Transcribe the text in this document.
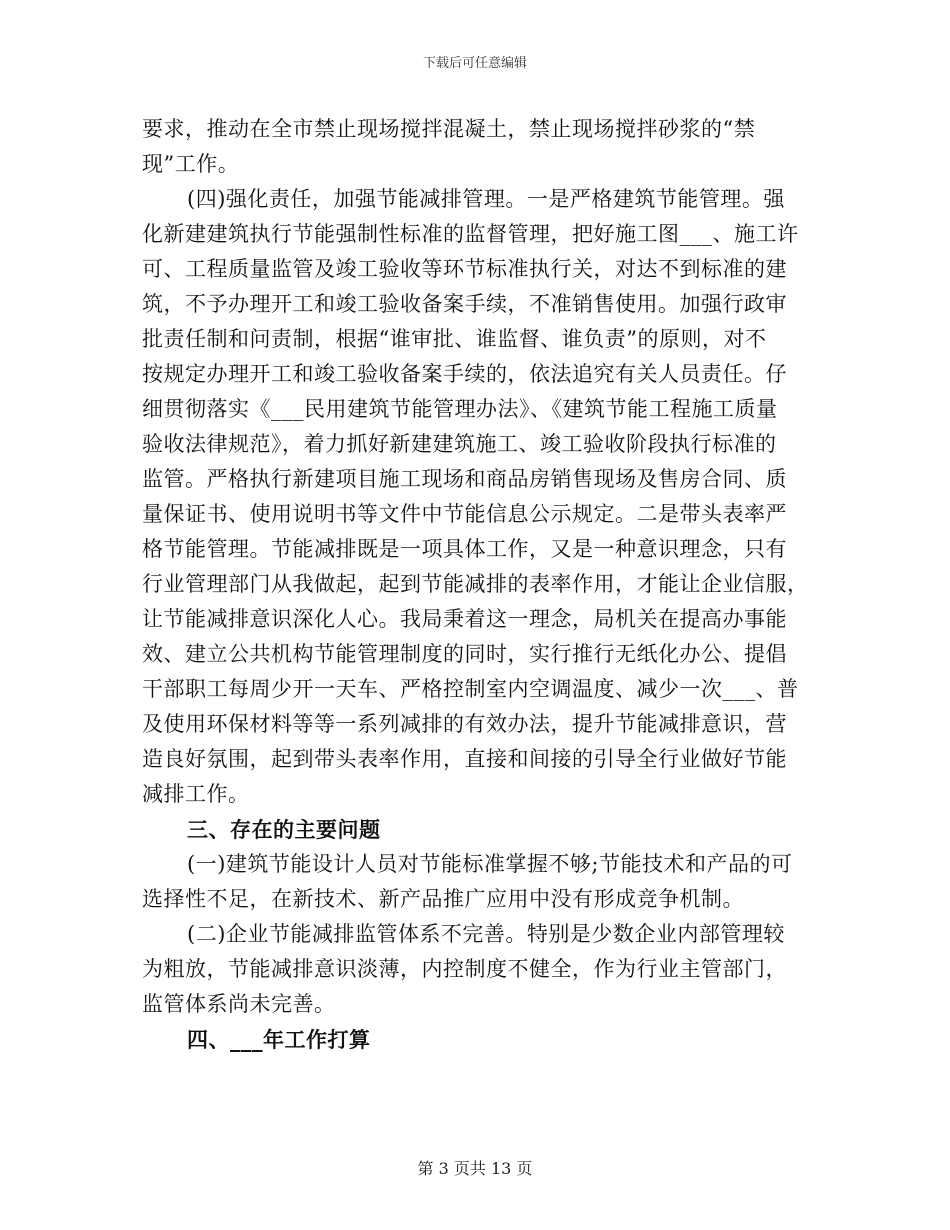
下载后可任意编辑
要求，推动在全市禁止现场搅拌混凝土，禁止现场搅拌砂浆的“禁
现”工作。
(四)强化责任，加强节能减排管理。一是严格建筑节能管理。强
化新建建筑执行节能强制性标准的监督管理，把好施工图___、施工许
可、工程质量监管及竣工验收等环节标准执行关，对达不到标准的建
筑，不予办理开工和竣工验收备案手续，不准销售使用。加强行政审
批责任制和问责制，根据“谁审批、谁监督、谁负责”的原则，对不
按规定办理开工和竣工验收备案手续的，依法追究有关人员责任。仔
细贯彻落实《___民用建筑节能管理办法》、《建筑节能工程施工质量
验收法律规范》，着力抓好新建建筑施工、竣工验收阶段执行标准的
监管。严格执行新建项目施工现场和商品房销售现场及售房合同、质
量保证书、使用说明书等文件中节能信息公示规定。二是带头表率严
格节能管理。节能减排既是一项具体工作，又是一种意识理念，只有
行业管理部门从我做起，起到节能减排的表率作用，才能让企业信服，
让节能减排意识深化人心。我局秉着这一理念，局机关在提高办事能
效、建立公共机构节能管理制度的同时，实行推行无纸化办公、提倡
干部职工每周少开一天车、严格控制室内空调温度、减少一次___、普
及使用环保材料等等一系列减排的有效办法，提升节能减排意识，营
造良好氛围，起到带头表率作用，直接和间接的引导全行业做好节能
减排工作。
三、存在的主要问题
(一)建筑节能设计人员对节能标准掌握不够;节能技术和产品的可
选择性不足，在新技术、新产品推广应用中没有形成竞争机制。
(二)企业节能减排监管体系不完善。特别是少数企业内部管理较
为粗放，节能减排意识淡薄，内控制度不健全，作为行业主管部门，
监管体系尚未完善。
四、___年工作打算
第 3 页共 13 页
